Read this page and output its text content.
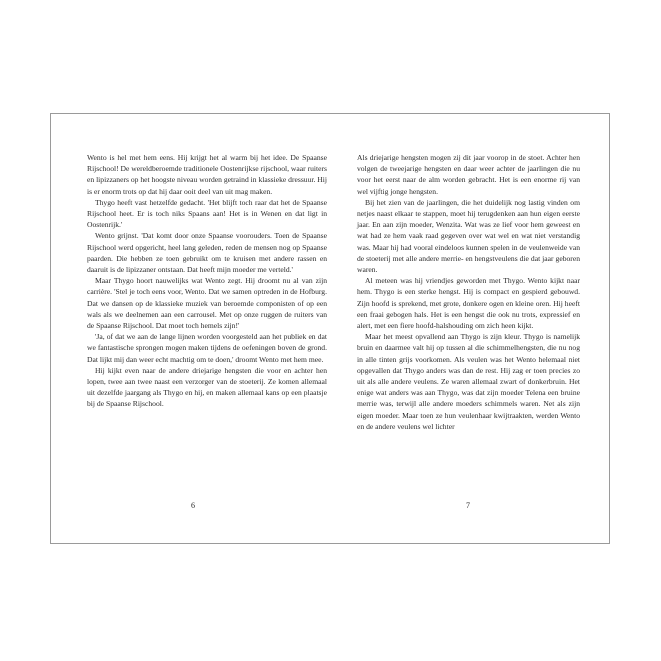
Wento is hel met hem eens. Hij krijgt het al warm bij het idee. De Spaanse Rijschool! De wereldberoemde traditionele Oostenrijkse rijschool, waar ruiters en lipizzaners op het hoogste niveau worden getraind in klassieke dressuur. Hij is er enorm trots op dat hij daar ooit deel van uit mag maken.

Thygo heeft vast hetzelfde gedacht. 'Het blijft toch raar dat het de Spaanse Rijschool heet. Er is toch niks Spaans aan! Het is in Wenen en dat ligt in Oostenrijk.'

Wento grijnst. 'Dat komt door onze Spaanse voorouders. Toen de Spaanse Rijschool werd opgericht, heel lang geleden, reden de mensen nog op Spaanse paarden. Die hebben ze toen gebruikt om te kruisen met andere rassen en daaruit is de lipizzaner ontstaan. Dat heeft mijn moeder me verteld.'

Maar Thygo hoort nauwelijks wat Wento zegt. Hij droomt nu al van zijn carrière. 'Stel je toch eens voor, Wento. Dat we samen optreden in de Hofburg. Dat we dansen op de klassieke muziek van beroemde componisten of op een wals als we deelnemen aan een carrousel. Met op onze ruggen de ruiters van de Spaanse Rijschool. Dat moet toch hemels zijn!'

'Ja, of dat we aan de lange lijnen worden voorgesteld aan het publiek en dat we fantastische sprongen mogen maken tijdens de oefeningen boven de grond. Dat lijkt mij dan weer echt machtig om te doen,' droomt Wento met hem mee.

Hij kijkt even naar de andere driejarige hengsten die voor en achter hen lopen, twee aan twee naast een verzorger van de stoeterij. Ze komen allemaal uit dezelfde jaargang als Thygo en hij, en maken allemaal kans op een plaatsje bij de Spaanse Rijschool.

6

Als driejarige hengsten mogen zij dit jaar voorop in de stoet. Achter hen volgen de tweejarige hengsten en daar weer achter de jaarlingen die nu voor het eerst naar de alm worden gebracht. Het is een enorme rij van wel vijftig jonge hengsten.

Bij het zien van de jaarlingen, die het duidelijk nog lastig vinden om netjes naast elkaar te stappen, moet hij terugdenken aan hun eigen eerste jaar. En aan zijn moeder, Wenzita. Wat was ze lief voor hem geweest en wat had ze hem vaak raad gegeven over wat wel en wat niet verstandig was. Maar hij had vooral eindeloos kunnen spelen in de veulenweide van de stoeterij met alle andere merrie- en hengstveulens die dat jaar geboren waren.

Al meteen was hij vriendjes geworden met Thygo. Wento kijkt naar hem. Thygo is een sterke hengst. Hij is compact en gespierd gebouwd. Zijn hoofd is sprekend, met grote, donkere ogen en kleine oren. Hij heeft een fraai gebogen hals. Het is een hengst die ook nu trots, expressief en alert, met een fiere hoofd-halshouding om zich heen kijkt.

Maar het meest opvallend aan Thygo is zijn kleur. Thygo is namelijk bruin en daarmee valt hij op tussen al die schimmelhengsten, die nu nog in alle tinten grijs voorkomen. Als veulen was het Wento helemaal niet opgevallen dat Thygo anders was dan de rest. Hij zag er toen precies zo uit als alle andere veulens. Ze waren allemaal zwart of donkerbruin. Het enige wat anders was aan Thygo, was dat zijn moeder Telena een bruine merrie was, terwijl alle andere moeders schimmels waren. Net als zijn eigen moeder. Maar toen ze hun veulenhaar kwijtraakten, werden Wento en de andere veulens wel lichter

7
